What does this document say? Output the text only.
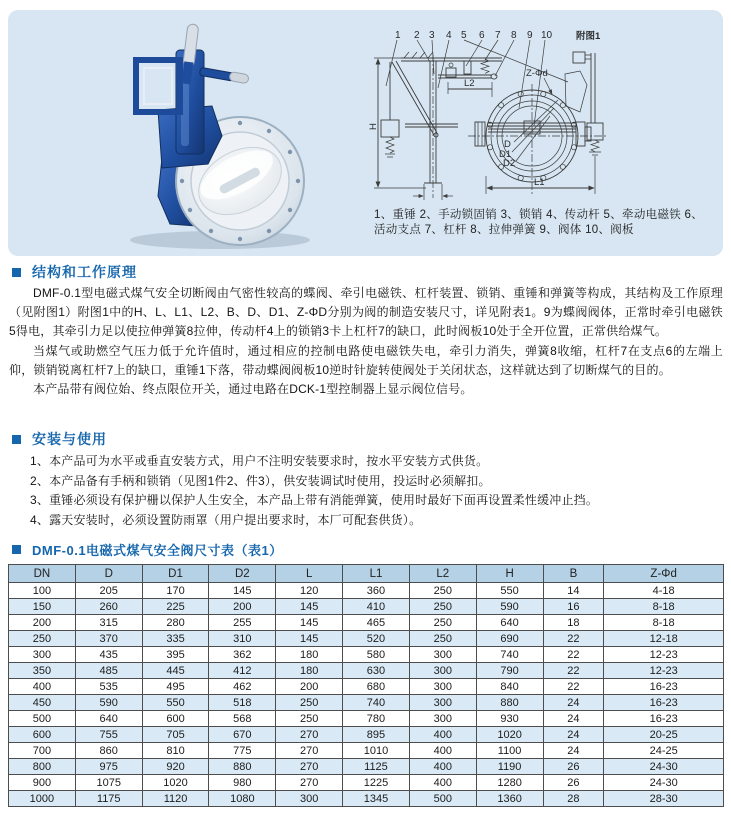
1 2 3 4 5 6 7 8 9 10	附图1
H
L2
Z-Φd
D
D1
D2
L1
1、重锤 2、手动锁固销 3、锁销 4、传动杆 5、牵动电磁铁 6、
活动支点 7、杠杆 8、拉伸弹簧 9、阀体 10、阀板
结构和工作原理

DMF-0.1型电磁式煤气安全切断阀由气密性较高的蝶阀、牵引电磁铁、杠杆装置、锁销、重锤和弹簧等构成，其结构及工作原理（见附图1）附图1中的H、L、L1、L2、B、D、D1、Z-ΦD分别为阀的制造安装尺寸，详见附表1。9为蝶阀阀体，正常时牵引电磁铁5得电，其牵引力足以使拉伸弹簧8拉伸，传动杆4上的锁销3卡上杠杆7的缺口，此时阀板10处于全开位置，正常供给煤气。

当煤气或助燃空气压力低于允许值时，通过相应的控制电路使电磁铁失电，牵引力消失，弹簧8收缩，杠杆7在支点6的左端上仰，锁销锐离杠杆7上的缺口，重锤1下落，带动蝶阀阀板10逆时针旋转使阀处于关闭状态，这样就达到了切断煤气的目的。

本产品带有阀位始、终点限位开关，通过电路在DCK-1型控制器上显示阀位信号。

安装与使用
1、本产品可为水平或垂直安装方式，用户不注明安装要求时，按水平安装方式供货。
2、本产品备有手柄和锁销（见图1件2、件3），供安装调试时使用，投运时必须解扣。
3、重锤必须设有保护栅以保护人生安全，本产品上带有消能弹簧，使用时最好下面再设置柔性缓冲止挡。
4、露天安装时，必须设置防雨罩（用户提出要求时，本厂可配套供货）。
DMF-0.1电磁式煤气安全阀尺寸表（表1）
DN	D	D1	D2	L	L1	L2	H	B	Z-Φd
100	205	170	145	120	360	250	550	14	4-18
150	260	225	200	145	410	250	590	16	8-18
200	315	280	255	145	465	250	640	18	8-18
250	370	335	310	145	520	250	690	22	12-18
300	435	395	362	180	580	300	740	22	12-23
350	485	445	412	180	630	300	790	22	12-23
400	535	495	462	200	680	300	840	22	16-23
450	590	550	518	250	740	300	880	24	16-23
500	640	600	568	250	780	300	930	24	16-23
600	755	705	670	270	895	400	1020	24	20-25
700	860	810	775	270	1010	400	1100	24	24-25
800	975	920	880	270	1125	400	1190	26	24-30
900	1075	1020	980	270	1225	400	1280	26	24-30
1000	1175	1120	1080	300	1345	500	1360	28	28-30
